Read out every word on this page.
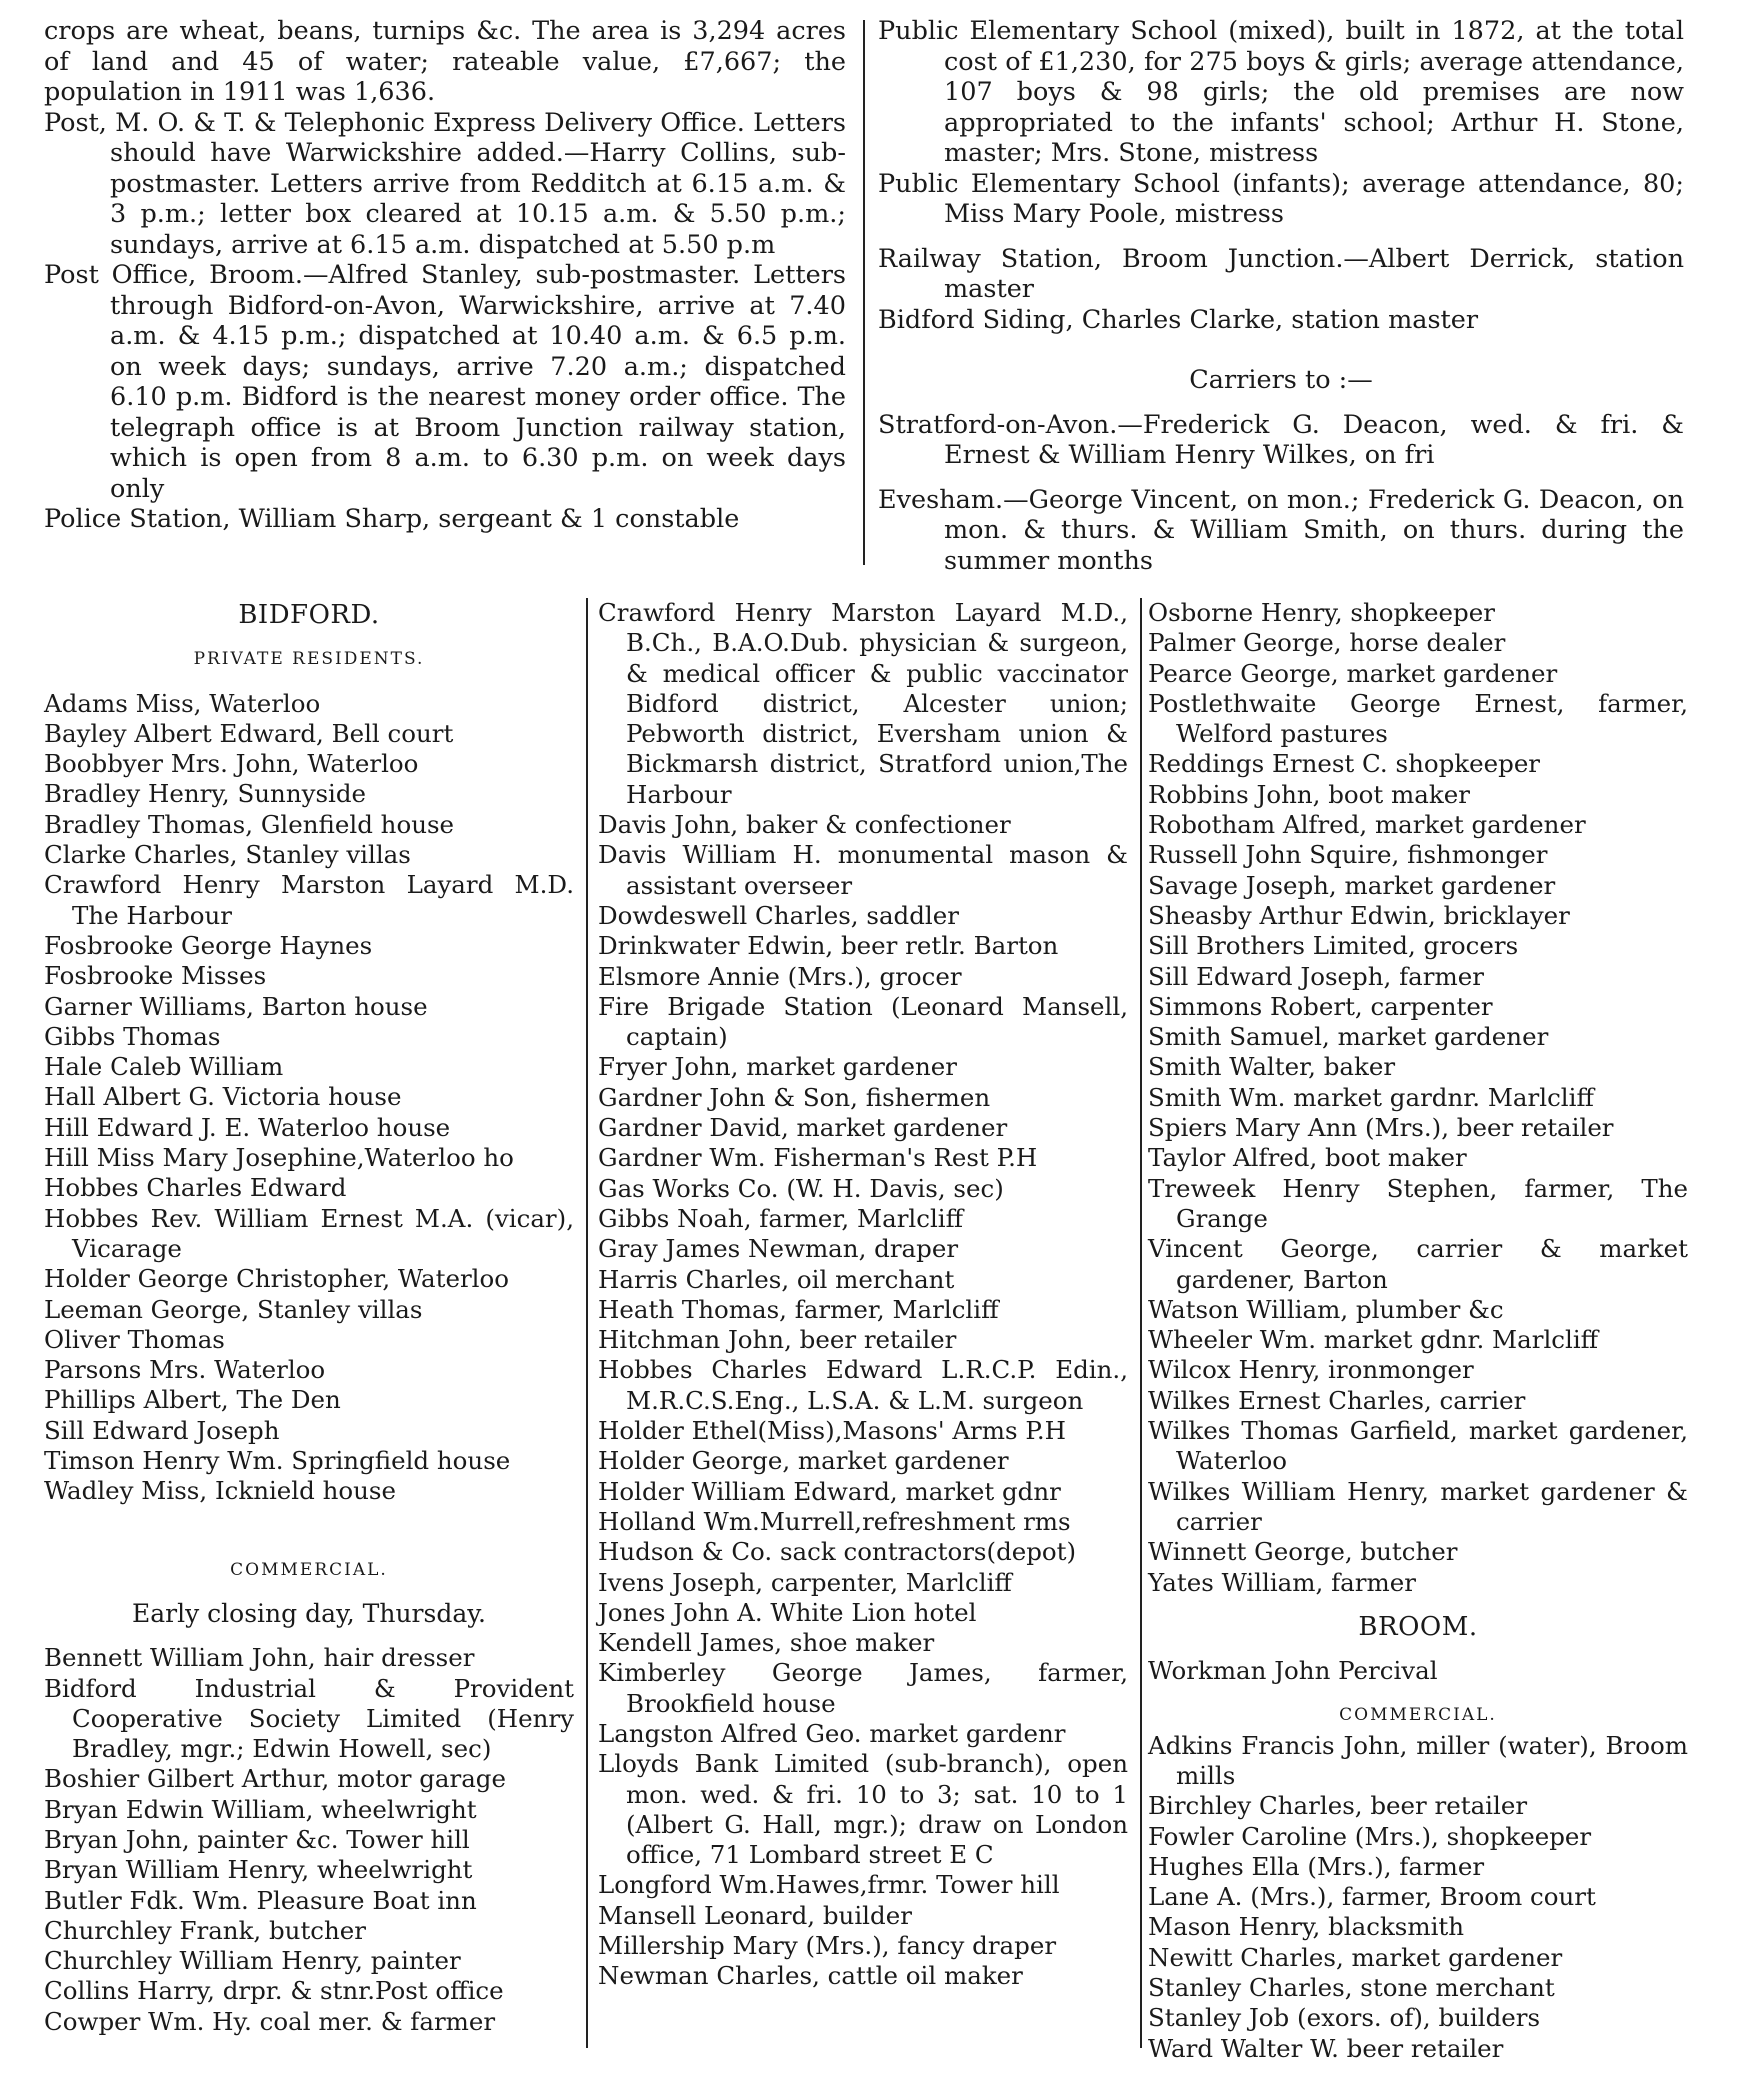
crops are wheat, beans, turnips &c. The area is 3,294 acres of land and 45 of water; rateable value, £7,667; the population in 1911 was 1,636.

Post, M. O. & T. & Telephonic Express Delivery Office. Letters should have Warwickshire added.—Harry Collins, sub-postmaster. Letters arrive from Redditch at 6.15 a.m. & 3 p.m.; letter box cleared at 10.15 a.m. & 5.50 p.m.; sundays, arrive at 6.15 a.m. dispatched at 5.50 p.m

Post Office, Broom.—Alfred Stanley, sub-postmaster. Letters through Bidford-on-Avon, Warwickshire, arrive at 7.40 a.m. & 4.15 p.m.; dispatched at 10.40 a.m. & 6.5 p.m. on week days; sundays, arrive 7.20 a.m.; dispatched 6.10 p.m. Bidford is the nearest money order office. The telegraph office is at Broom Junction railway station, which is open from 8 a.m. to 6.30 p.m. on week days only

Police Station, William Sharp, sergeant & 1 constable

Public Elementary School (mixed), built in 1872, at the total cost of £1,230, for 275 boys & girls; average attendance, 107 boys & 98 girls; the old premises are now appropriated to the infants' school; Arthur H. Stone, master; Mrs. Stone, mistress

Public Elementary School (infants); average attendance, 80; Miss Mary Poole, mistress

Railway Station, Broom Junction.—Albert Derrick, station master

Bidford Siding, Charles Clarke, station master

Carriers to :—

Stratford-on-Avon.—Frederick G. Deacon, wed. & fri. & Ernest & William Henry Wilkes, on fri

Evesham.—George Vincent, on mon.; Frederick G. Deacon, on mon. & thurs. & William Smith, on thurs. during the summer months

BIDFORD.

PRIVATE RESIDENTS.

Adams Miss, Waterloo

Bayley Albert Edward, Bell court

Boobbyer Mrs. John, Waterloo

Bradley Henry, Sunnyside

Bradley Thomas, Glenfield house

Clarke Charles, Stanley villas

Crawford Henry Marston Layard M.D. The Harbour

Fosbrooke George Haynes

Fosbrooke Misses

Garner Williams, Barton house

Gibbs Thomas

Hale Caleb William

Hall Albert G. Victoria house

Hill Edward J. E. Waterloo house

Hill Miss Mary Josephine,Waterloo ho

Hobbes Charles Edward

Hobbes Rev. William Ernest M.A. (vicar), Vicarage

Holder George Christopher, Waterloo

Leeman George, Stanley villas

Oliver Thomas

Parsons Mrs. Waterloo

Phillips Albert, The Den

Sill Edward Joseph

Timson Henry Wm. Springfield house

Wadley Miss, Icknield house

COMMERCIAL.

Early closing day, Thursday.

Bennett William John, hair dresser

Bidford Industrial & Provident Cooperative Society Limited (Henry Bradley, mgr.; Edwin Howell, sec)

Boshier Gilbert Arthur, motor garage

Bryan Edwin William, wheelwright

Bryan John, painter &c. Tower hill

Bryan William Henry, wheelwright

Butler Fdk. Wm. Pleasure Boat inn

Churchley Frank, butcher

Churchley William Henry, painter

Collins Harry, drpr. & stnr.Post office

Cowper Wm. Hy. coal mer. & farmer

Crawford Henry Marston Layard M.D., B.Ch., B.A.O.Dub. physician & surgeon, & medical officer & public vaccinator Bidford district, Alcester union; Pebworth district, Eversham union & Bickmarsh district, Stratford union,The Harbour

Davis John, baker & confectioner

Davis William H. monumental mason & assistant overseer

Dowdeswell Charles, saddler

Drinkwater Edwin, beer retlr. Barton

Elsmore Annie (Mrs.), grocer

Fire Brigade Station (Leonard Mansell, captain)

Fryer John, market gardener

Gardner John & Son, fishermen

Gardner David, market gardener

Gardner Wm. Fisherman's Rest P.H

Gas Works Co. (W. H. Davis, sec)

Gibbs Noah, farmer, Marlcliff

Gray James Newman, draper

Harris Charles, oil merchant

Heath Thomas, farmer, Marlcliff

Hitchman John, beer retailer

Hobbes Charles Edward L.R.C.P. Edin., M.R.C.S.Eng., L.S.A. & L.M. surgeon

Holder Ethel(Miss),Masons' Arms P.H

Holder George, market gardener

Holder William Edward, market gdnr

Holland Wm.Murrell,refreshment rms

Hudson & Co. sack contractors(depot)

Ivens Joseph, carpenter, Marlcliff

Jones John A. White Lion hotel

Kendell James, shoe maker

Kimberley George James, farmer, Brookfield house

Langston Alfred Geo. market gardenr

Lloyds Bank Limited (sub-branch), open mon. wed. & fri. 10 to 3; sat. 10 to 1 (Albert G. Hall, mgr.); draw on London office, 71 Lombard street E C

Longford Wm.Hawes,frmr. Tower hill

Mansell Leonard, builder

Millership Mary (Mrs.), fancy draper

Newman Charles, cattle oil maker

Osborne Henry, shopkeeper

Palmer George, horse dealer

Pearce George, market gardener

Postlethwaite George Ernest, farmer, Welford pastures

Reddings Ernest C. shopkeeper

Robbins John, boot maker

Robotham Alfred, market gardener

Russell John Squire, fishmonger

Savage Joseph, market gardener

Sheasby Arthur Edwin, bricklayer

Sill Brothers Limited, grocers

Sill Edward Joseph, farmer

Simmons Robert, carpenter

Smith Samuel, market gardener

Smith Walter, baker

Smith Wm. market gardnr. Marlcliff

Spiers Mary Ann (Mrs.), beer retailer

Taylor Alfred, boot maker

Treweek Henry Stephen, farmer, The Grange

Vincent George, carrier & market gardener, Barton

Watson William, plumber &c

Wheeler Wm. market gdnr. Marlcliff

Wilcox Henry, ironmonger

Wilkes Ernest Charles, carrier

Wilkes Thomas Garfield, market gardener, Waterloo

Wilkes William Henry, market gardener & carrier

Winnett George, butcher

Yates William, farmer

BROOM.

Workman John Percival

COMMERCIAL.

Adkins Francis John, miller (water), Broom mills

Birchley Charles, beer retailer

Fowler Caroline (Mrs.), shopkeeper

Hughes Ella (Mrs.), farmer

Lane A. (Mrs.), farmer, Broom court

Mason Henry, blacksmith

Newitt Charles, market gardener

Stanley Charles, stone merchant

Stanley Job (exors. of), builders

Ward Walter W. beer retailer
